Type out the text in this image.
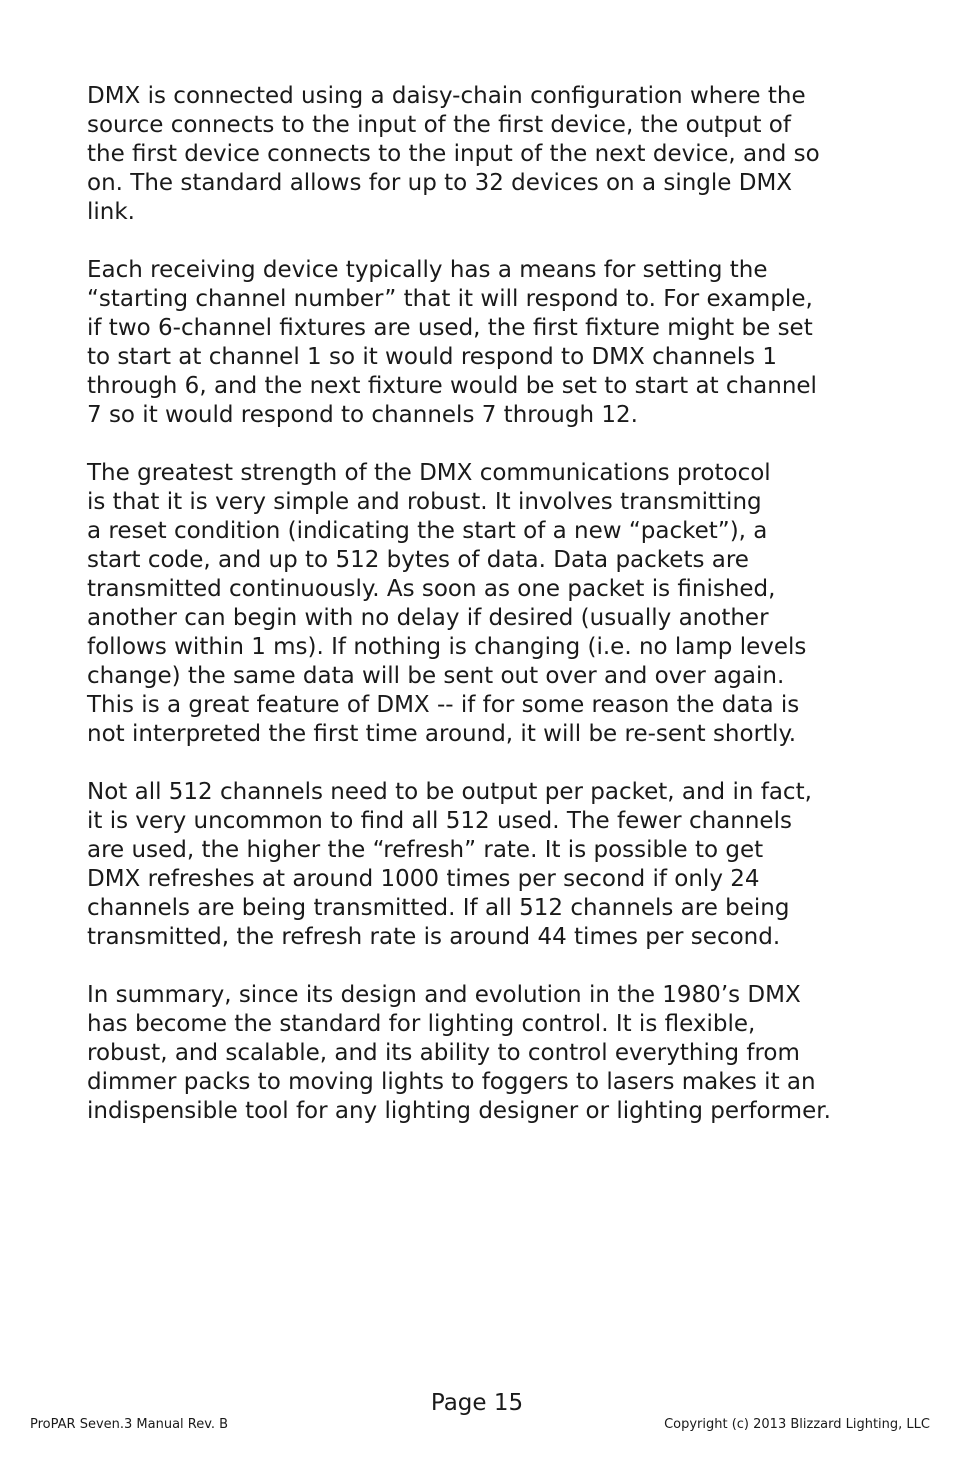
DMX is connected using a daisy-chain configuration where the
source connects to the input of the first device, the output of
the first device connects to the input of the next device, and so
on. The standard allows for up to 32 devices on a single DMX
link.

Each receiving device typically has a means for setting the
“starting channel number” that it will respond to. For example,
if two 6-channel fixtures are used, the first fixture might be set
to start at channel 1 so it would respond to DMX channels 1
through 6, and the next fixture would be set to start at channel
7 so it would respond to channels 7 through 12.

The greatest strength of the DMX communications protocol
is that it is very simple and robust. It involves transmitting
a reset condition (indicating the start of a new “packet”), a
start code, and up to 512 bytes of data. Data packets are
transmitted continuously. As soon as one packet is finished,
another can begin with no delay if desired (usually another
follows within 1 ms). If nothing is changing (i.e. no lamp levels
change) the same data will be sent out over and over again.
This is a great feature of DMX -- if for some reason the data is
not interpreted the first time around, it will be re-sent shortly.

Not all 512 channels need to be output per packet, and in fact,
it is very uncommon to find all 512 used. The fewer channels
are used, the higher the “refresh” rate. It is possible to get
DMX refreshes at around 1000 times per second if only 24
channels are being transmitted. If all 512 channels are being
transmitted, the refresh rate is around 44 times per second.

In summary, since its design and evolution in the 1980’s DMX
has become the standard for lighting control. It is flexible,
robust, and scalable, and its ability to control everything from
dimmer packs to moving lights to foggers to lasers makes it an
indispensible tool for any lighting designer or lighting performer.

Page 15
ProPAR Seven.3 Manual Rev. B	Copyright (c) 2013 Blizzard Lighting, LLC
